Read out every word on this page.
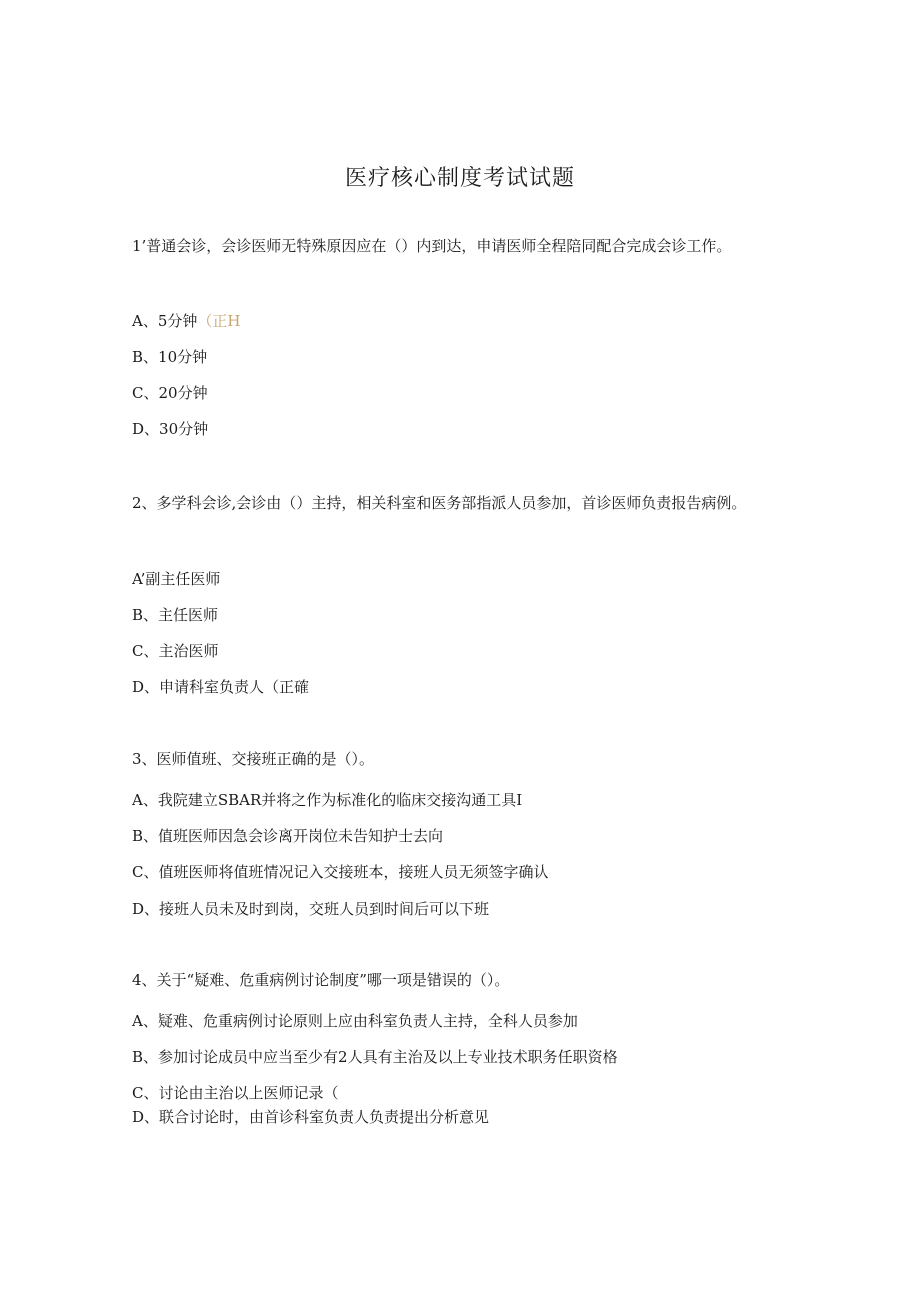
医疗核心制度考试试题
1’普通会诊，会诊医师无特殊原因应在（）内到达，申请医师全程陪同配合完成会诊工作。
A、5分钟（正H
B、10分钟
C、20分钟
D、30分钟
2、多学科会诊,会诊由（）主持，相关科室和医务部指派人员参加，首诊医师负责报告病例。
A’副主任医师
B、主任医师
C、主治医师
D、申请科室负责人（正確
3、医师值班、交接班正确的是（）。
A、我院建立SBAR并将之作为标准化的临床交接沟通工具I
B、值班医师因急会诊离开岗位未告知护士去向
C、值班医师将值班情况记入交接班本，接班人员无须签字确认
D、接班人员未及时到岗，交班人员到时间后可以下班
4、关于“疑难、危重病例讨论制度”哪一项是错误的（）。
A、疑难、危重病例讨论原则上应由科室负责人主持，全科人员参加
B、参加讨论成员中应当至少有2人具有主治及以上专业技术职务任职资格
C、讨论由主治以上医师记录（
D、联合讨论时，由首诊科室负责人负责提出分析意见
